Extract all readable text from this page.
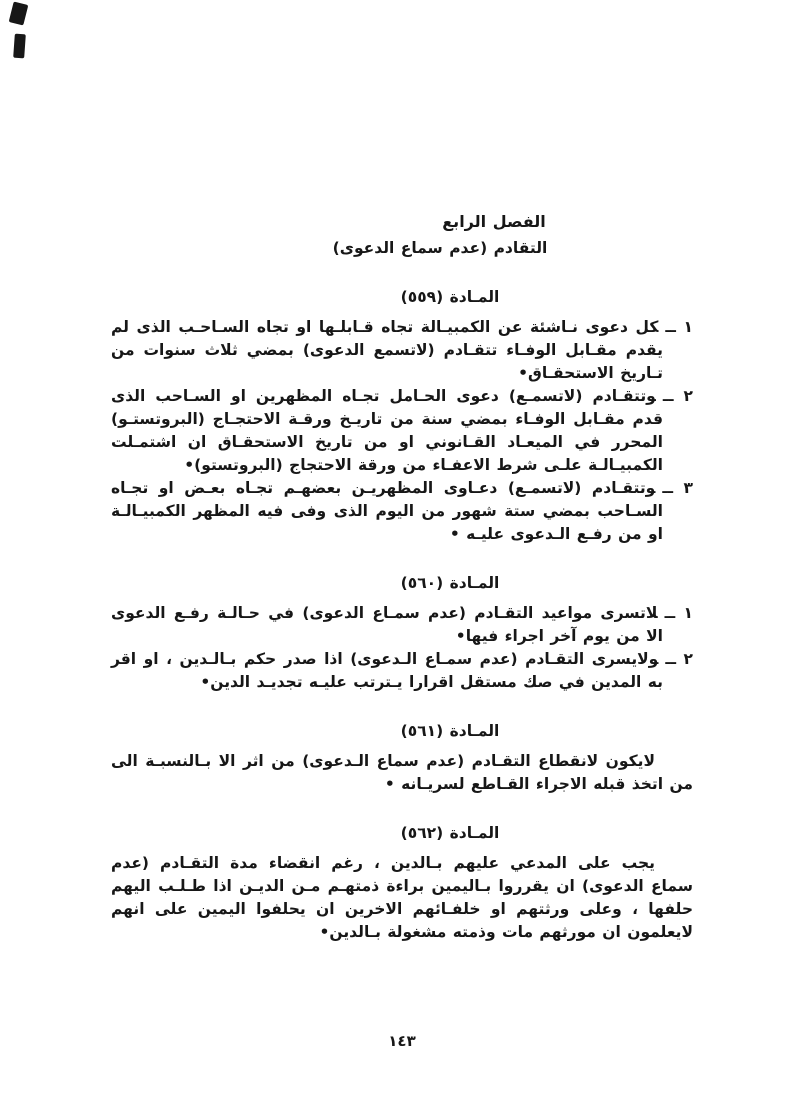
الفصل الرابع
التقادم (عدم سماع الدعوى)
المـادة (٥٥٩)
١ ــكل دعوى نـاشئة عن الكمبيـالة تجاه قـابلـها او تجاه السـاحـب الذى لم يقدم مقـابل الوفـاء تتقـادم (لاتسمع الدعوى) بمضي ثلاث سنوات من تـاريخ الاستحقـاق•
٢ ــوتتقـادم (لاتسمـع) دعوى الحـامل تجـاه المظهرين او السـاحب الذى قدم مقـابل الوفـاء بمضي سنة من تاريـخ ورقـة الاحتجـاج (البروتستـو) المحرر في الميعـاد القـانوني او من تاريخ الاستحقـاق ان اشتمـلت الكمبيـالـة علـى شرط الاعفـاء من ورقة الاحتجاج (البروتستو)•
٣ ــوتتقـادم (لاتسمـع) دعـاوى المظهريـن بعضهـم تجـاه بعـض او تجـاه السـاحب بمضي ستة شهور من اليوم الذى وفى فيه المظهر الكمبيـالـة او من رفـع الـدعوى عليـه •
المـادة (٥٦٠)
١ ــلاتسرى مواعيد التقـادم (عدم سمـاع الدعوى) في حـالـة رفـع الدعوى الا من يوم آخر اجراء فيها•
٢ ــولايسرى التقـادم (عدم سمـاع الـدعوى) اذا صدر حكم بـالـدين ، او اقر به المدين في صك مستقل اقرارا يـترتب عليـه تجديـد الدين•
المـادة (٥٦١)

لايكون لانقطاع التقـادم (عدم سماع الـدعوى) من اثر الا بـالنسبـة الى من اتخذ قبله الاجراء القـاطع لسريـانه •

المـادة (٥٦٢)

يجب على المدعي عليهم بـالدين ، رغم انقضاء مدة التقـادم (عدم سماع الدعوى) ان يقرروا بـاليمين براءة ذمتهـم مـن الديـن اذا طـلـب اليهم حلفها ، وعلى ورثتهم او خلفـائهم الاخرين ان يحلفوا اليمين على انهم لايعلمون ان مورثهم مات وذمته مشغولة بـالدين•

١٤٣
